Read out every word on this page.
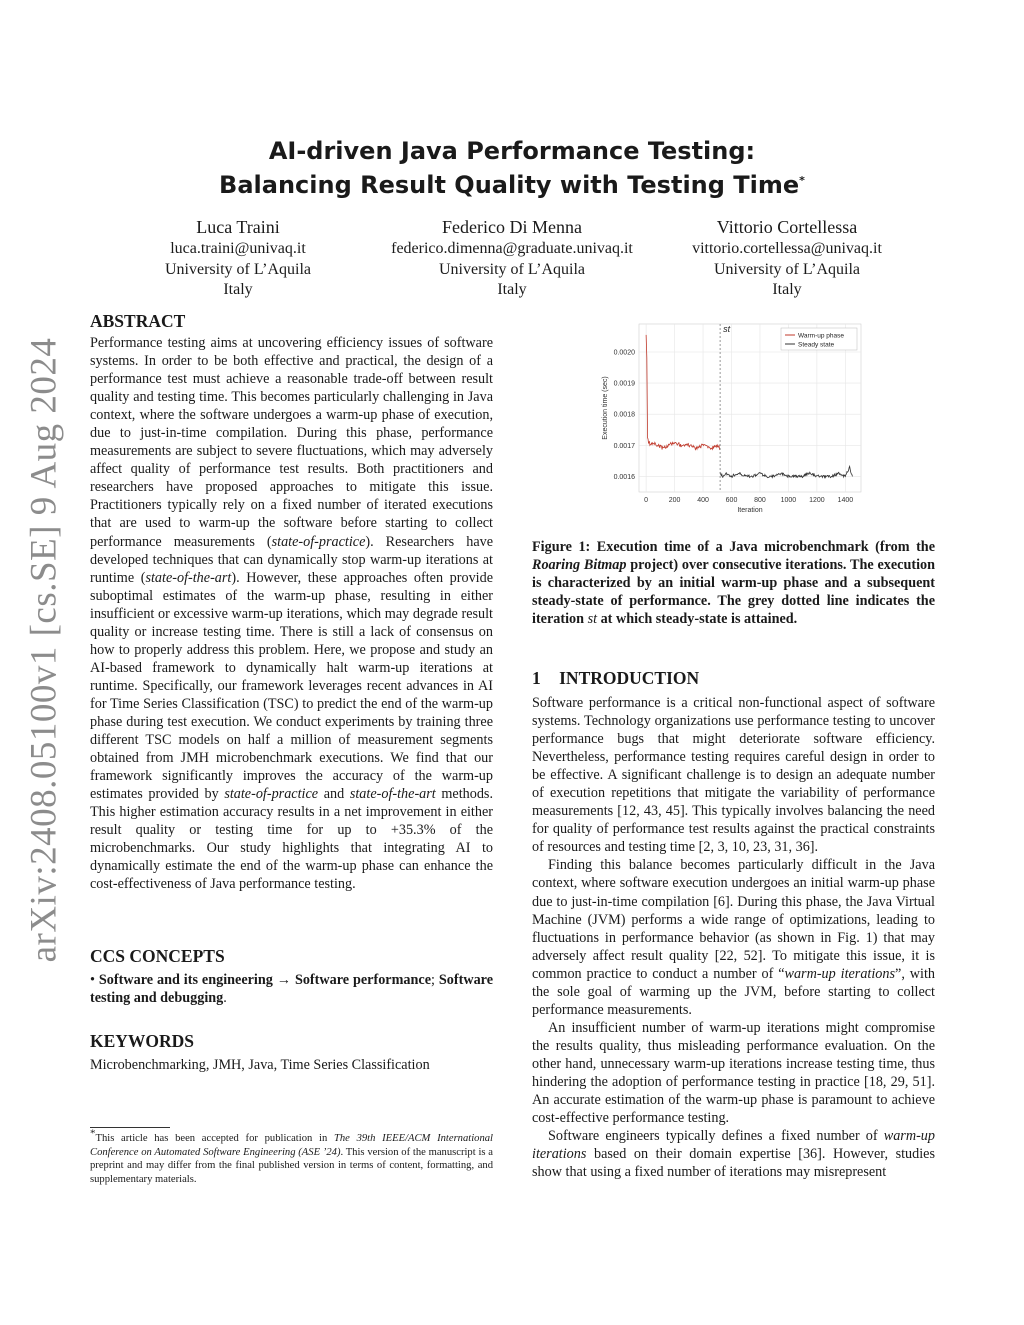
arXiv:2408.05100v1 [cs.SE] 9 Aug 2024
AI-driven Java Performance Testing:
Balancing Result Quality with Testing Time*
Luca Traini
luca.traini@univaq.it
University of L’Aquila
Italy
Federico Di Menna
federico.dimenna@graduate.univaq.it
University of L’Aquila
Italy
Vittorio Cortellessa
vittorio.cortellessa@univaq.it
University of L’Aquila
Italy
ABSTRACT

Performance testing aims at uncovering efficiency issues of software systems. In order to be both effective and practical, the design of a performance test must achieve a reasonable trade-off between result quality and testing time. This becomes particularly challenging in Java context, where the software undergoes a warm-up phase of execution, due to just-in-time compilation. During this phase, performance measurements are subject to severe fluctuations, which may adversely affect quality of performance test results. Both practitioners and researchers have proposed approaches to mitigate this issue. Practitioners typically rely on a fixed number of iterated executions that are used to warm-up the software before starting to collect performance measurements (state-of-practice). Researchers have developed techniques that can dynamically stop warm-up iterations at runtime (state-of-the-art). However, these approaches often provide suboptimal estimates of the warm-up phase, resulting in either insufficient or excessive warm-up iterations, which may degrade result quality or increase testing time. There is still a lack of consensus on how to properly address this problem. Here, we propose and study an AI-based framework to dynamically halt warm-up iterations at runtime. Specifically, our framework leverages recent advances in AI for Time Series Classification (TSC) to predict the end of the warm-up phase during test execution. We conduct experiments by training three different TSC models on half a million of measurement segments obtained from JMH microbenchmark executions. We find that our framework significantly improves the accuracy of the warm-up estimates provided by state-of-practice and state-of-the-art methods. This higher estimation accuracy results in a net improvement in either result quality or testing time for up to +35.3% of the microbenchmarks. Our study highlights that integrating AI to dynamically estimate the end of the warm-up phase can enhance the cost-effectiveness of Java performance testing.

CCS CONCEPTS
• Software and its engineering → Software performance; Software testing and debugging.
KEYWORDS
Microbenchmarking, JMH, Java, Time Series Classification
*This article has been accepted for publication in The 39th IEEE/ACM International Conference on Automated Software Engineering (ASE ’24). This version of the manuscript is a preprint and may differ from the final published version in terms of content, formatting, and supplementary materials.
st
0	200 400 600 800 1000 1200 1400
0.0016
0.0017
0.0018
0.0019
0.0020
Iteration
Execution time (sec)
Warm-up phase
Steady state
Figure 1: Execution time of a Java microbenchmark (from the Roaring Bitmap project) over consecutive iterations. The execution is characterized by an initial warm-up phase and a subsequent steady-state of performance. The grey dotted line indicates the iteration st at which steady-state is attained.
1 INTRODUCTION

Software performance is a critical non-functional aspect of software systems. Technology organizations use performance testing to uncover performance bugs that might deteriorate software efficiency. Nevertheless, performance testing requires careful design in order to be effective. A significant challenge is to design an adequate number of execution repetitions that mitigate the variability of performance measurements [12, 43, 45]. This typically involves balancing the need for quality of performance test results against the practical constraints of resources and testing time [2, 3, 10, 23, 31, 36].

Finding this balance becomes particularly difficult in the Java context, where software execution undergoes an initial warm-up phase due to just-in-time compilation [6]. During this phase, the Java Virtual Machine (JVM) performs a wide range of optimizations, leading to fluctuations in performance behavior (as shown in Fig. 1) that may adversely affect result quality [22, 52]. To mitigate this issue, it is common practice to conduct a number of “warm-up iterations”, with the sole goal of warming up the JVM, before starting to collect performance measurements.

An insufficient number of warm-up iterations might compromise the results quality, thus misleading performance evaluation. On the other hand, unnecessary warm-up iterations increase testing time, thus hindering the adoption of performance testing in practice [18, 29, 51]. An accurate estimation of the warm-up phase is paramount to achieve cost-effective performance testing.

Software engineers typically defines a fixed number of warm-up iterations based on their domain expertise [36]. However, studies show that using a fixed number of iterations may misrepresent
